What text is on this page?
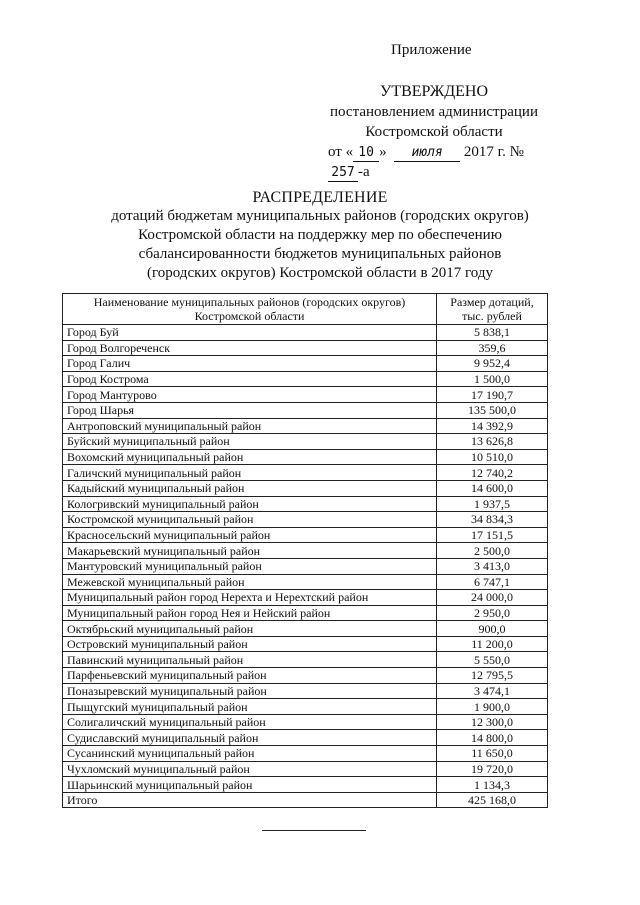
Приложение
УТВЕРЖДЕНО
постановлением администрации
Костромской области
от « 10 » июля 2017 г. №257 -а
РАСПРЕДЕЛЕНИЕ
дотаций бюджетам муниципальных районов (городских округов)
Костромской области на поддержку мер по обеспечению
сбалансированности бюджетов муниципальных районов
(городских округов) Костромской области в 2017 году
Наименование муниципальных районов (городских округов) Костромской области	Размер дотаций, тыс. рублей
Город Буй	5 838,1
Город Волгореченск	359,6
Город Галич	9 952,4
Город Кострома	1 500,0
Город Мантурово	17 190,7
Город Шарья	135 500,0
Антроповский муниципальный район	14 392,9
Буйский муниципальный район	13 626,8
Вохомский муниципальный район	10 510,0
Галичский муниципальный район	12 740,2
Кадыйский муниципальный район	14 600,0
Кологривский муниципальный район	1 937,5
Костромской муниципальный район	34 834,3
Красносельский муниципальный район	17 151,5
Макарьевский муниципальный район	2 500,0
Мантуровский муниципальный район	3 413,0
Межевской муниципальный район	6 747,1
Муниципальный район город Нерехта и Нерехтский район	24 000,0
Муниципальный район город Нея и Нейский район	2 950,0
Октябрьский муниципальный район	900,0
Островский муниципальный район	11 200,0
Павинский муниципальный район	5 550,0
Парфеньевский муниципальный район	12 795,5
Поназыревский муниципальный район	3 474,1
Пыщугский муниципальный район	1 900,0
Солигаличский муниципальный район	12 300,0
Судиславский муниципальный район	14 800,0
Сусанинский муниципальный район	11 650,0
Чухломский муниципальный район	19 720,0
Шарьинский муниципальный район	1 134,3
Итого	425 168,0
